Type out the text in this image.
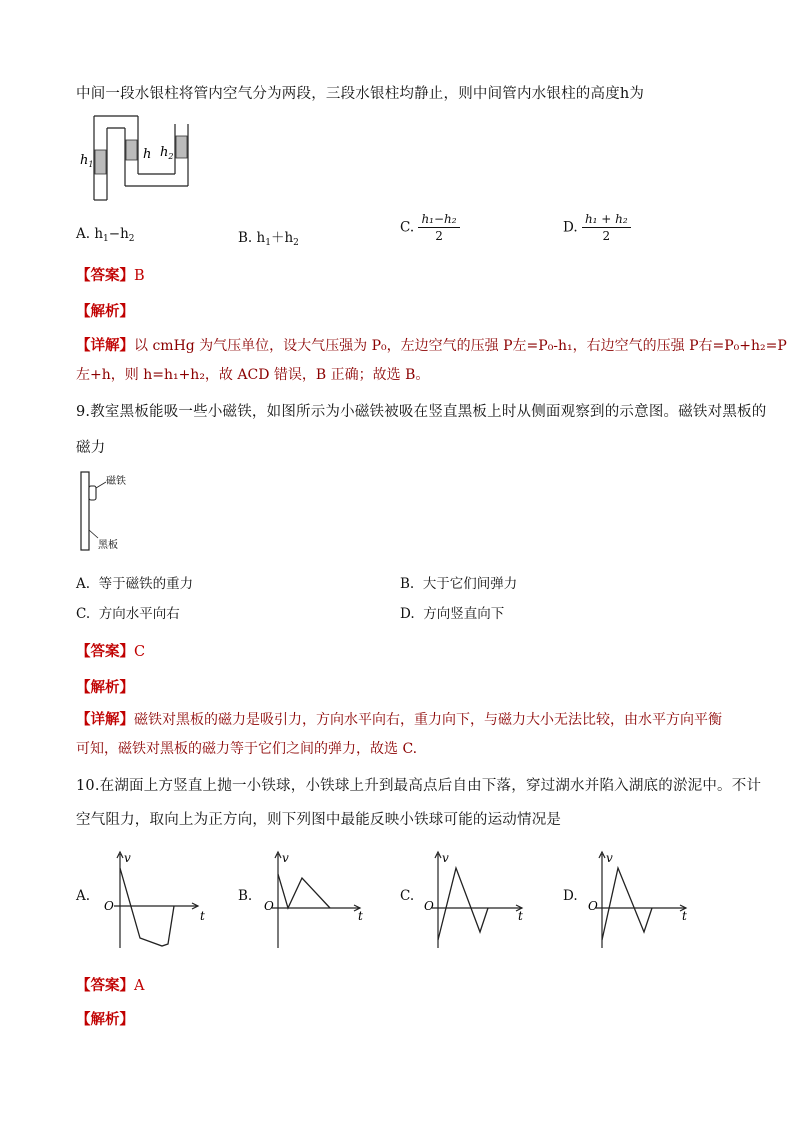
中间一段水银柱将管内空气分为两段，三段水银柱均静止，则中间管内水银柱的高度h为
$h_1$
h $h_2$
A. $h_1-h_2$	B. $h_1+h_2$
C. $\frac{\text{h₁−h₂}}{2}$	D. $\frac{\text{h₁ + h₂}}{2}$
【答案】B
【解析】
【详解】以 cmHg 为气压单位，设大气压强为 P₀，左边空气的压强 P左=P₀-h₁，右边空气的压强 P右=P₀+h₂=P
左+h，则 h=h₁+h₂，故 ACD 错误，B 正确；故选 B。
9.教室黑板能吸一些小磁铁，如图所示为小磁铁被吸在竖直黑板上时从侧面观察到的示意图。磁铁对黑板的
磁力
磁铁
黑板
A. 等于磁铁的重力	B. 大于它们间弹力
C. 方向水平向右	D. 方向竖直向下
【答案】C
【解析】
【详解】磁铁对黑板的磁力是吸引力，方向水平向右，重力向下，与磁力大小无法比较，由水平方向平衡
可知，磁铁对黑板的磁力等于它们之间的弹力，故选 C.
10.在湖面上方竖直上抛一小铁球，小铁球上升到最高点后自由下落，穿过湖水并陷入湖底的淤泥中。不计
空气阻力，取向上为正方向，则下列图中最能反映小铁球可能的运动情况是
A.
v
O
t
B.
v
O
t
C.
v
O
t
D.
v
O
t
【答案】A
【解析】
